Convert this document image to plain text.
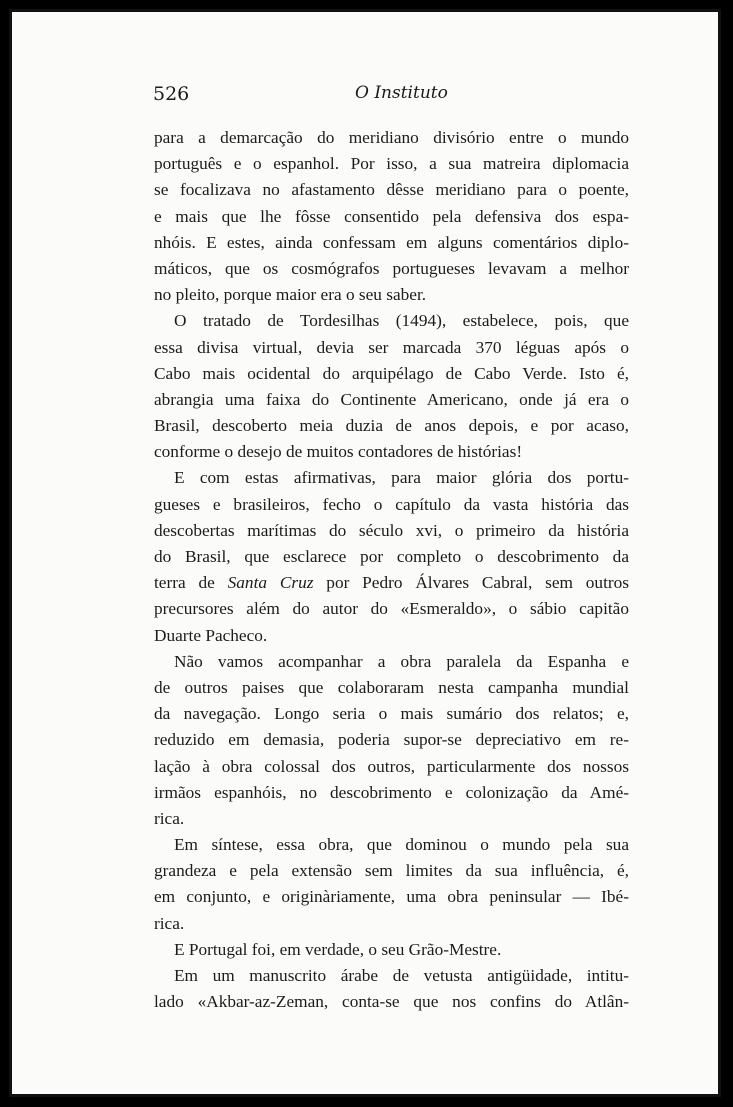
526	O Instituto
para a demarcação do meridiano divisório entre o mundo
português e o espanhol. Por isso, a sua matreira diplomacia
se focalizava no afastamento dêsse meridiano para o poente,
e mais que lhe fôsse consentido pela defensiva dos espa-
nhóis. E estes, ainda confessam em alguns comentários diplo-
máticos, que os cosmógrafos portugueses levavam a melhor
no pleito, porque maior era o seu saber.
O tratado de Tordesilhas (1494), estabelece, pois, que
essa divisa virtual, devia ser marcada 370 léguas após o
Cabo mais ocidental do arquipélago de Cabo Verde. Isto é,
abrangia uma faixa do Continente Americano, onde já era o
Brasil, descoberto meia duzia de anos depois, e por acaso,
conforme o desejo de muitos contadores de histórias!
E com estas afirmativas, para maior glória dos portu-
gueses e brasileiros, fecho o capítulo da vasta história das
descobertas marítimas do século xvi, o primeiro da história
do Brasil, que esclarece por completo o descobrimento da
terra de Santa Cruz por Pedro Álvares Cabral, sem outros
precursores além do autor do «Esmeraldo», o sábio capitão
Duarte Pacheco.
Não vamos acompanhar a obra paralela da Espanha e
de outros paises que colaboraram nesta campanha mundial
da navegação. Longo seria o mais sumário dos relatos; e,
reduzido em demasia, poderia supor-se depreciativo em re-
lação à obra colossal dos outros, particularmente dos nossos
irmãos espanhóis, no descobrimento e colonização da Amé-
rica.
Em síntese, essa obra, que dominou o mundo pela sua
grandeza e pela extensão sem limites da sua influência, é,
em conjunto, e originàriamente, uma obra peninsular — Ibé-
rica.
E Portugal foi, em verdade, o seu Grão-Mestre.
Em um manuscrito árabe de vetusta antigüidade, intitu-
lado «Akbar-az-Zeman, conta-se que nos confins do Atlân-
